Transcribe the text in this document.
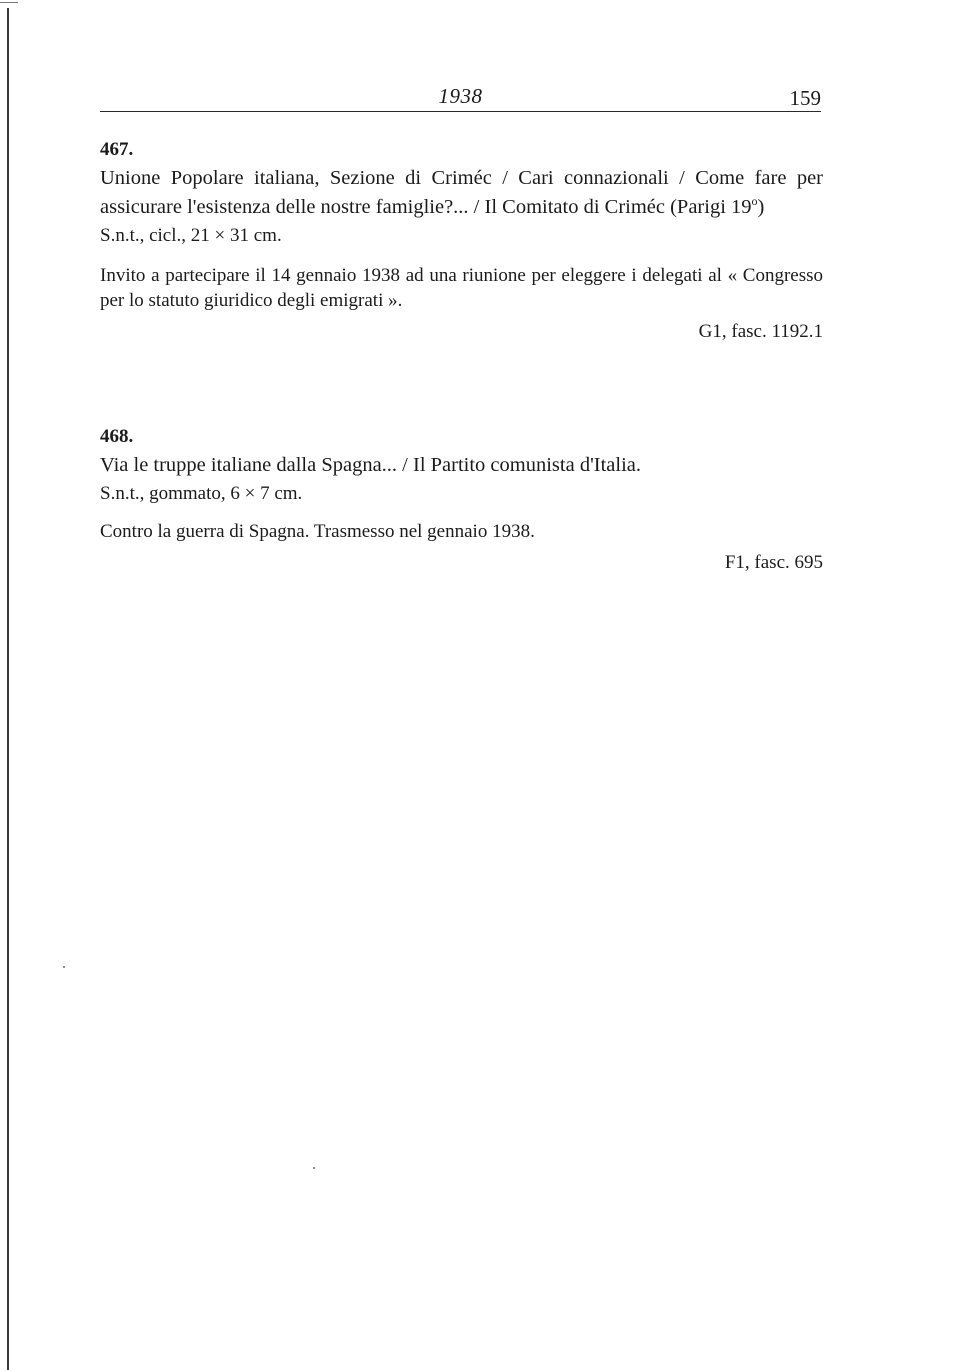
1938	159

467.

Unione Popolare italiana, Sezione di Criméc / Cari connazionali / Come fare per assicurare l'esistenza delle nostre famiglie?... / Il Comitato di Criméc (Parigi 19$^o$)

S.n.t., cicl., 21 × 31 cm.

Invito a partecipare il 14 gennaio 1938 ad una riunione per eleggere i delegati al « Congresso per lo statuto giuridico degli emigrati ».

G1, fasc. 1192.1

468.

Via le truppe italiane dalla Spagna... / Il Partito comunista d'Italia.

S.n.t., gommato, 6 × 7 cm.

Contro la guerra di Spagna. Trasmesso nel gennaio 1938.

F1, fasc. 695
